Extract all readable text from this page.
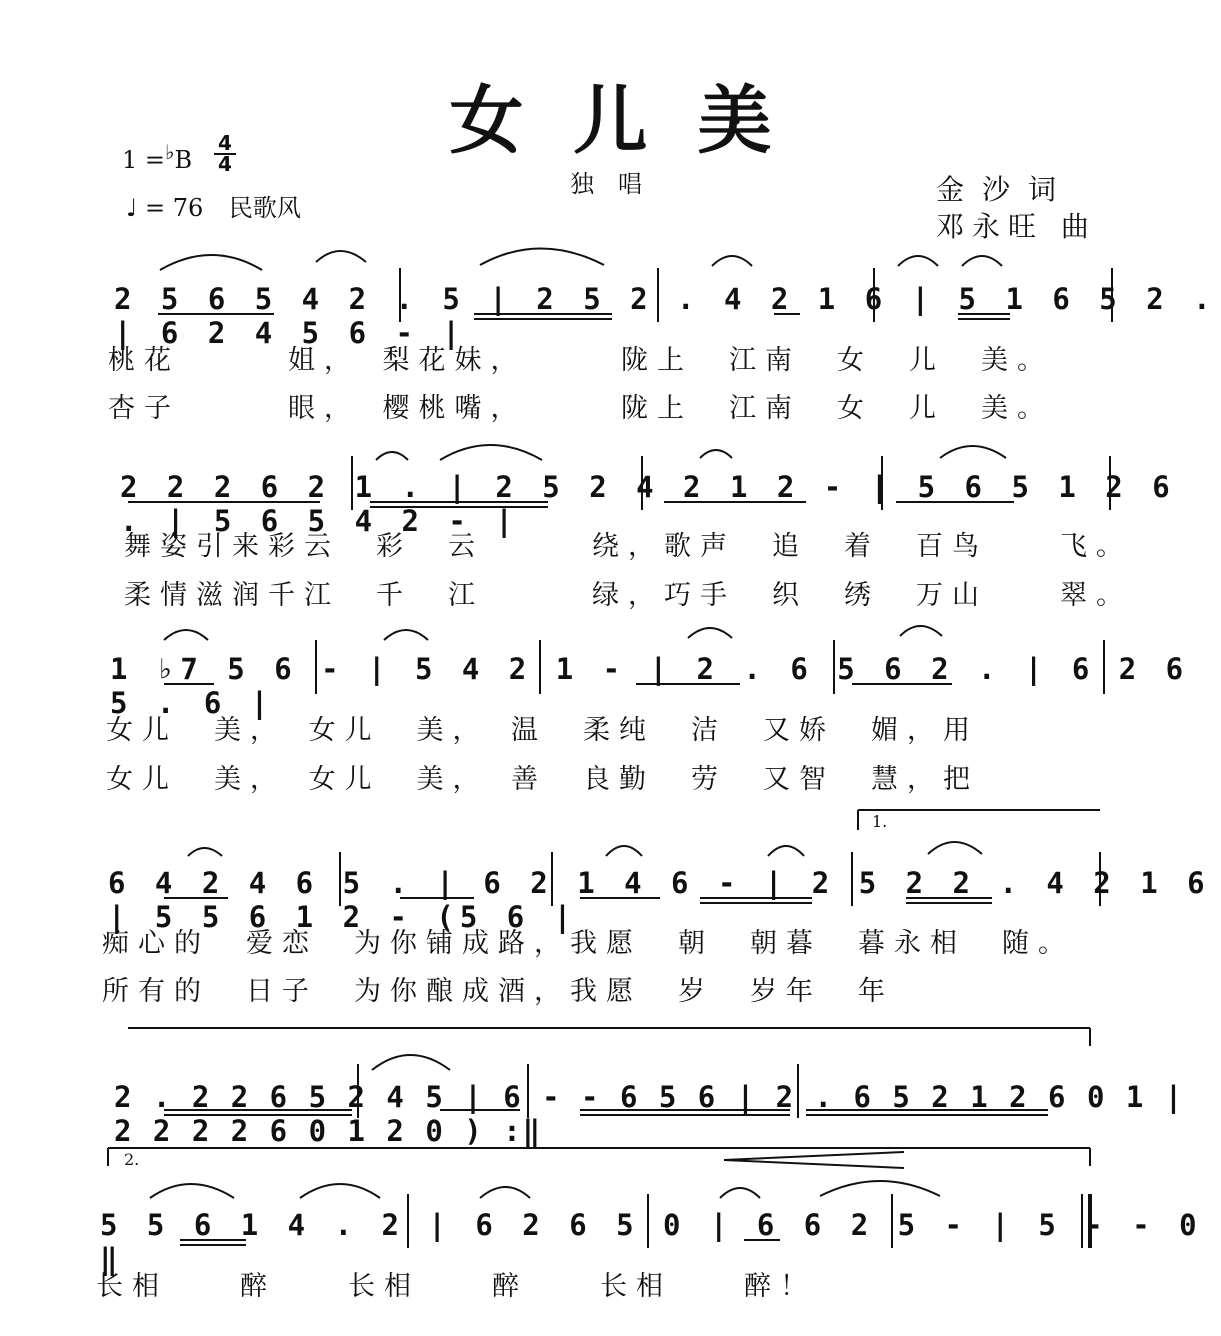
女儿美
1 =♭B
4
4
♩ = 76 民歌风
独唱	金沙词
邓永旺 曲
2 5 6 5 4 2 . 5 | 2 5 2 . 4 2 1 6 | 5 1 6 5 2 . | 6 2 4 5 6 - |
桃花　　　姐，　梨花妹，　　　陇上　江南　女　儿　美。
杏子　　　眼，　樱桃嘴，　　　陇上　江南　女　儿　美。
2 2 2 6 2 1 . | 2 5 2 4 2 1 2 - | 5 6 5 1 2 6 . | 5 6 5 4 2 - |
舞姿引来彩云　彩　云　　　绕，歌声　追　着　百鸟　　飞。
柔情滋润千江　千　江　　　绿，巧手　织　绣　万山　　翠。
1 ♭7 5 6 - | 5 4 2 1 - | 2 . 6 5 6 2 . | 6 2 6 5 . 6 |
女儿　美，　女儿　美，　温　柔纯　洁　又娇　媚，用
女儿　美，　女儿　美，　善　良勤　劳　又智　慧，把
1.
6 4 2 4 6 5 . | 6 2 1 4 6 - | 2 5 2 2 . 4 2 1 6 | 5 5 6 1 2 - (5 6 |
痴心的　爱恋　为你铺成路，我愿　朝　朝暮　暮永相　随。
所有的　日子　为你酿成酒，我愿　岁　岁年　年
2 . 2 2 6 5 2 4 5 | 6 - - 6 5 6 | 2 . 6 5 2 1 2 6 0 1 | 2 2 2 2 6 0 1 2 0 ) :‖
2.
5 5 6 1 4 . 2 | 6 2 6 5 0 | 6 6 2 5 - | 5 - - 0 ‖
长相　　醉　　长相　　醉　　长相　　醉！
